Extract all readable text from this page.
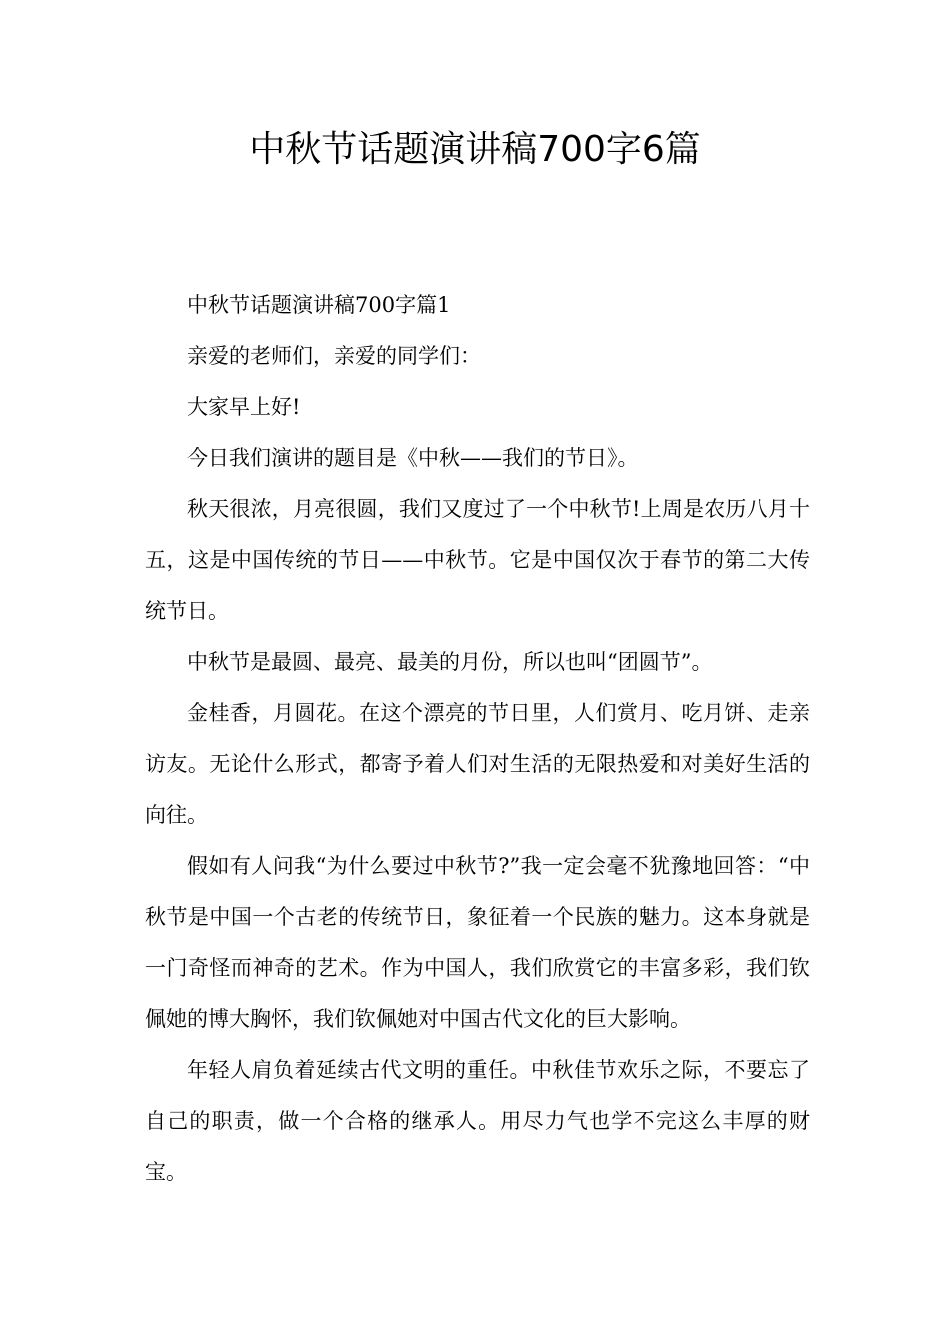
中秋节话题演讲稿700字6篇

中秋节话题演讲稿700字篇1

亲爱的老师们，亲爱的同学们：

大家早上好!

今日我们演讲的题目是《中秋——我们的节日》。

秋天很浓，月亮很圆，我们又度过了一个中秋节!上周是农历八月十五，这是中国传统的节日——中秋节。它是中国仅次于春节的第二大传统节日。

中秋节是最圆、最亮、最美的月份，所以也叫“团圆节”。

金桂香，月圆花。在这个漂亮的节日里，人们赏月、吃月饼、走亲访友。无论什么形式，都寄予着人们对生活的无限热爱和对美好生活的向往。

假如有人问我“为什么要过中秋节?”我一定会毫不犹豫地回答：“中秋节是中国一个古老的传统节日，象征着一个民族的魅力。这本身就是一门奇怪而神奇的艺术。作为中国人，我们欣赏它的丰富多彩，我们钦佩她的博大胸怀，我们钦佩她对中国古代文化的巨大影响。

年轻人肩负着延续古代文明的重任。中秋佳节欢乐之际，不要忘了自己的职责，做一个合格的继承人。用尽力气也学不完这么丰厚的财宝。
